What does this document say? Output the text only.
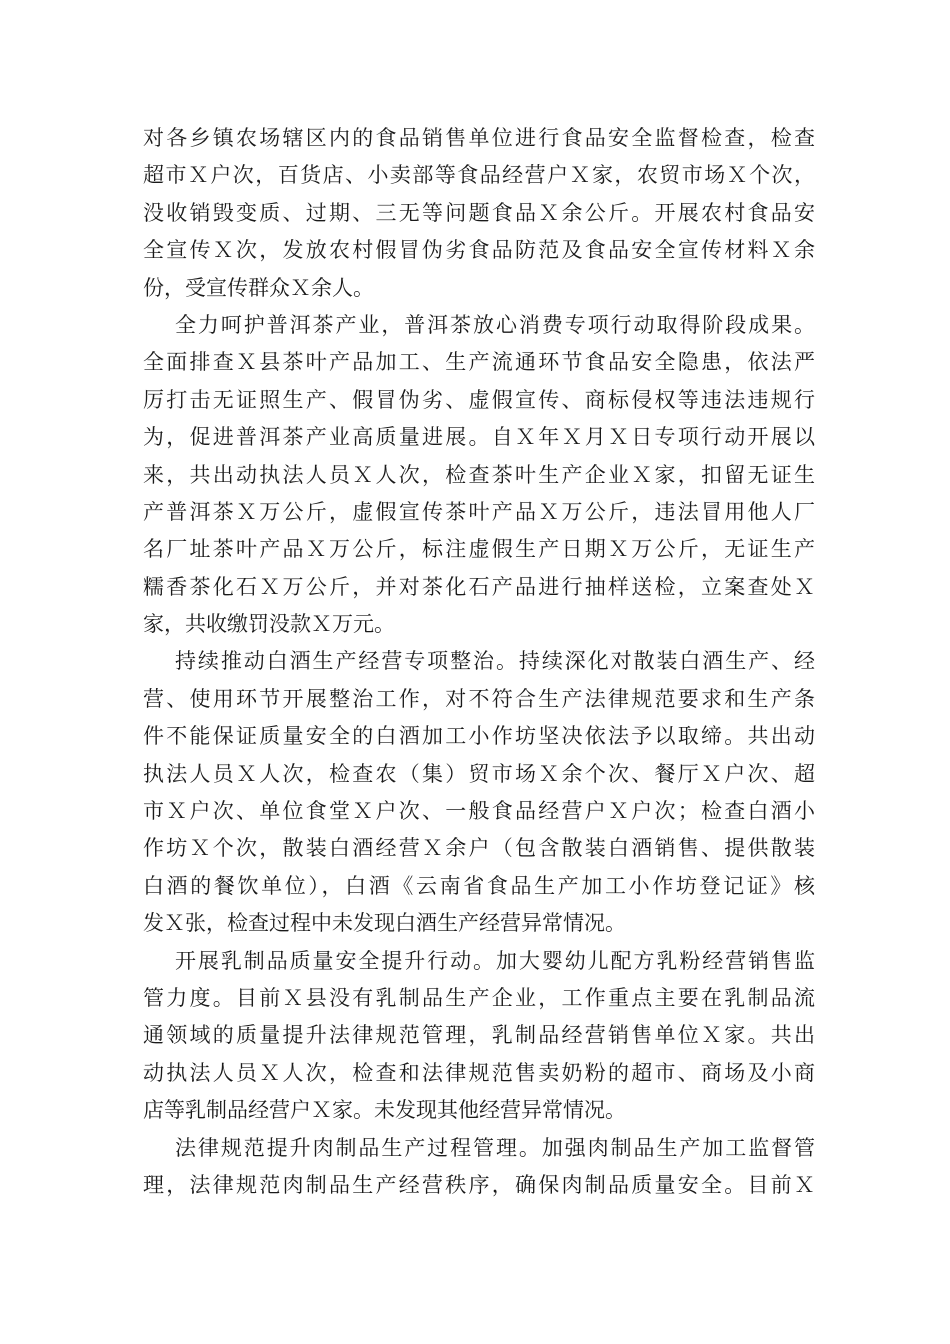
对各乡镇农场辖区内的食品销售单位进行食品安全监督检查，检查
超市Ｘ户次，百货店、小卖部等食品经营户Ｘ家，农贸市场Ｘ个次，
没收销毁变质、过期、三无等问题食品Ｘ余公斤。开展农村食品安
全宣传Ｘ次，发放农村假冒伪劣食品防范及食品安全宣传材料Ｘ余
份，受宣传群众Ｘ余人。
全力呵护普洱茶产业，普洱茶放心消费专项行动取得阶段成果。
全面排查Ｘ县茶叶产品加工、生产流通环节食品安全隐患，依法严
厉打击无证照生产、假冒伪劣、虚假宣传、商标侵权等违法违规行
为，促进普洱茶产业高质量进展。自Ｘ年Ｘ月Ｘ日专项行动开展以
来，共出动执法人员Ｘ人次，检查茶叶生产企业Ｘ家，扣留无证生
产普洱茶Ｘ万公斤，虚假宣传茶叶产品Ｘ万公斤，违法冒用他人厂
名厂址茶叶产品Ｘ万公斤，标注虚假生产日期Ｘ万公斤，无证生产
糯香茶化石Ｘ万公斤，并对茶化石产品进行抽样送检，立案查处Ｘ
家，共收缴罚没款Ｘ万元。
持续推动白酒生产经营专项整治。持续深化对散装白酒生产、经
营、使用环节开展整治工作，对不符合生产法律规范要求和生产条
件不能保证质量安全的白酒加工小作坊坚决依法予以取缔。共出动
执法人员Ｘ人次，检查农（集）贸市场Ｘ余个次、餐厅Ｘ户次、超
市Ｘ户次、单位食堂Ｘ户次、一般食品经营户Ｘ户次；检查白酒小
作坊Ｘ个次，散装白酒经营Ｘ余户（包含散装白酒销售、提供散装
白酒的餐饮单位），白酒《云南省食品生产加工小作坊登记证》核
发Ｘ张，检查过程中未发现白酒生产经营异常情况。
开展乳制品质量安全提升行动。加大婴幼儿配方乳粉经营销售监
管力度。目前Ｘ县没有乳制品生产企业，工作重点主要在乳制品流
通领域的质量提升法律规范管理，乳制品经营销售单位Ｘ家。共出
动执法人员Ｘ人次，检查和法律规范售卖奶粉的超市、商场及小商
店等乳制品经营户Ｘ家。未发现其他经营异常情况。
法律规范提升肉制品生产过程管理。加强肉制品生产加工监督管
理，法律规范肉制品生产经营秩序，确保肉制品质量安全。目前Ｘ
